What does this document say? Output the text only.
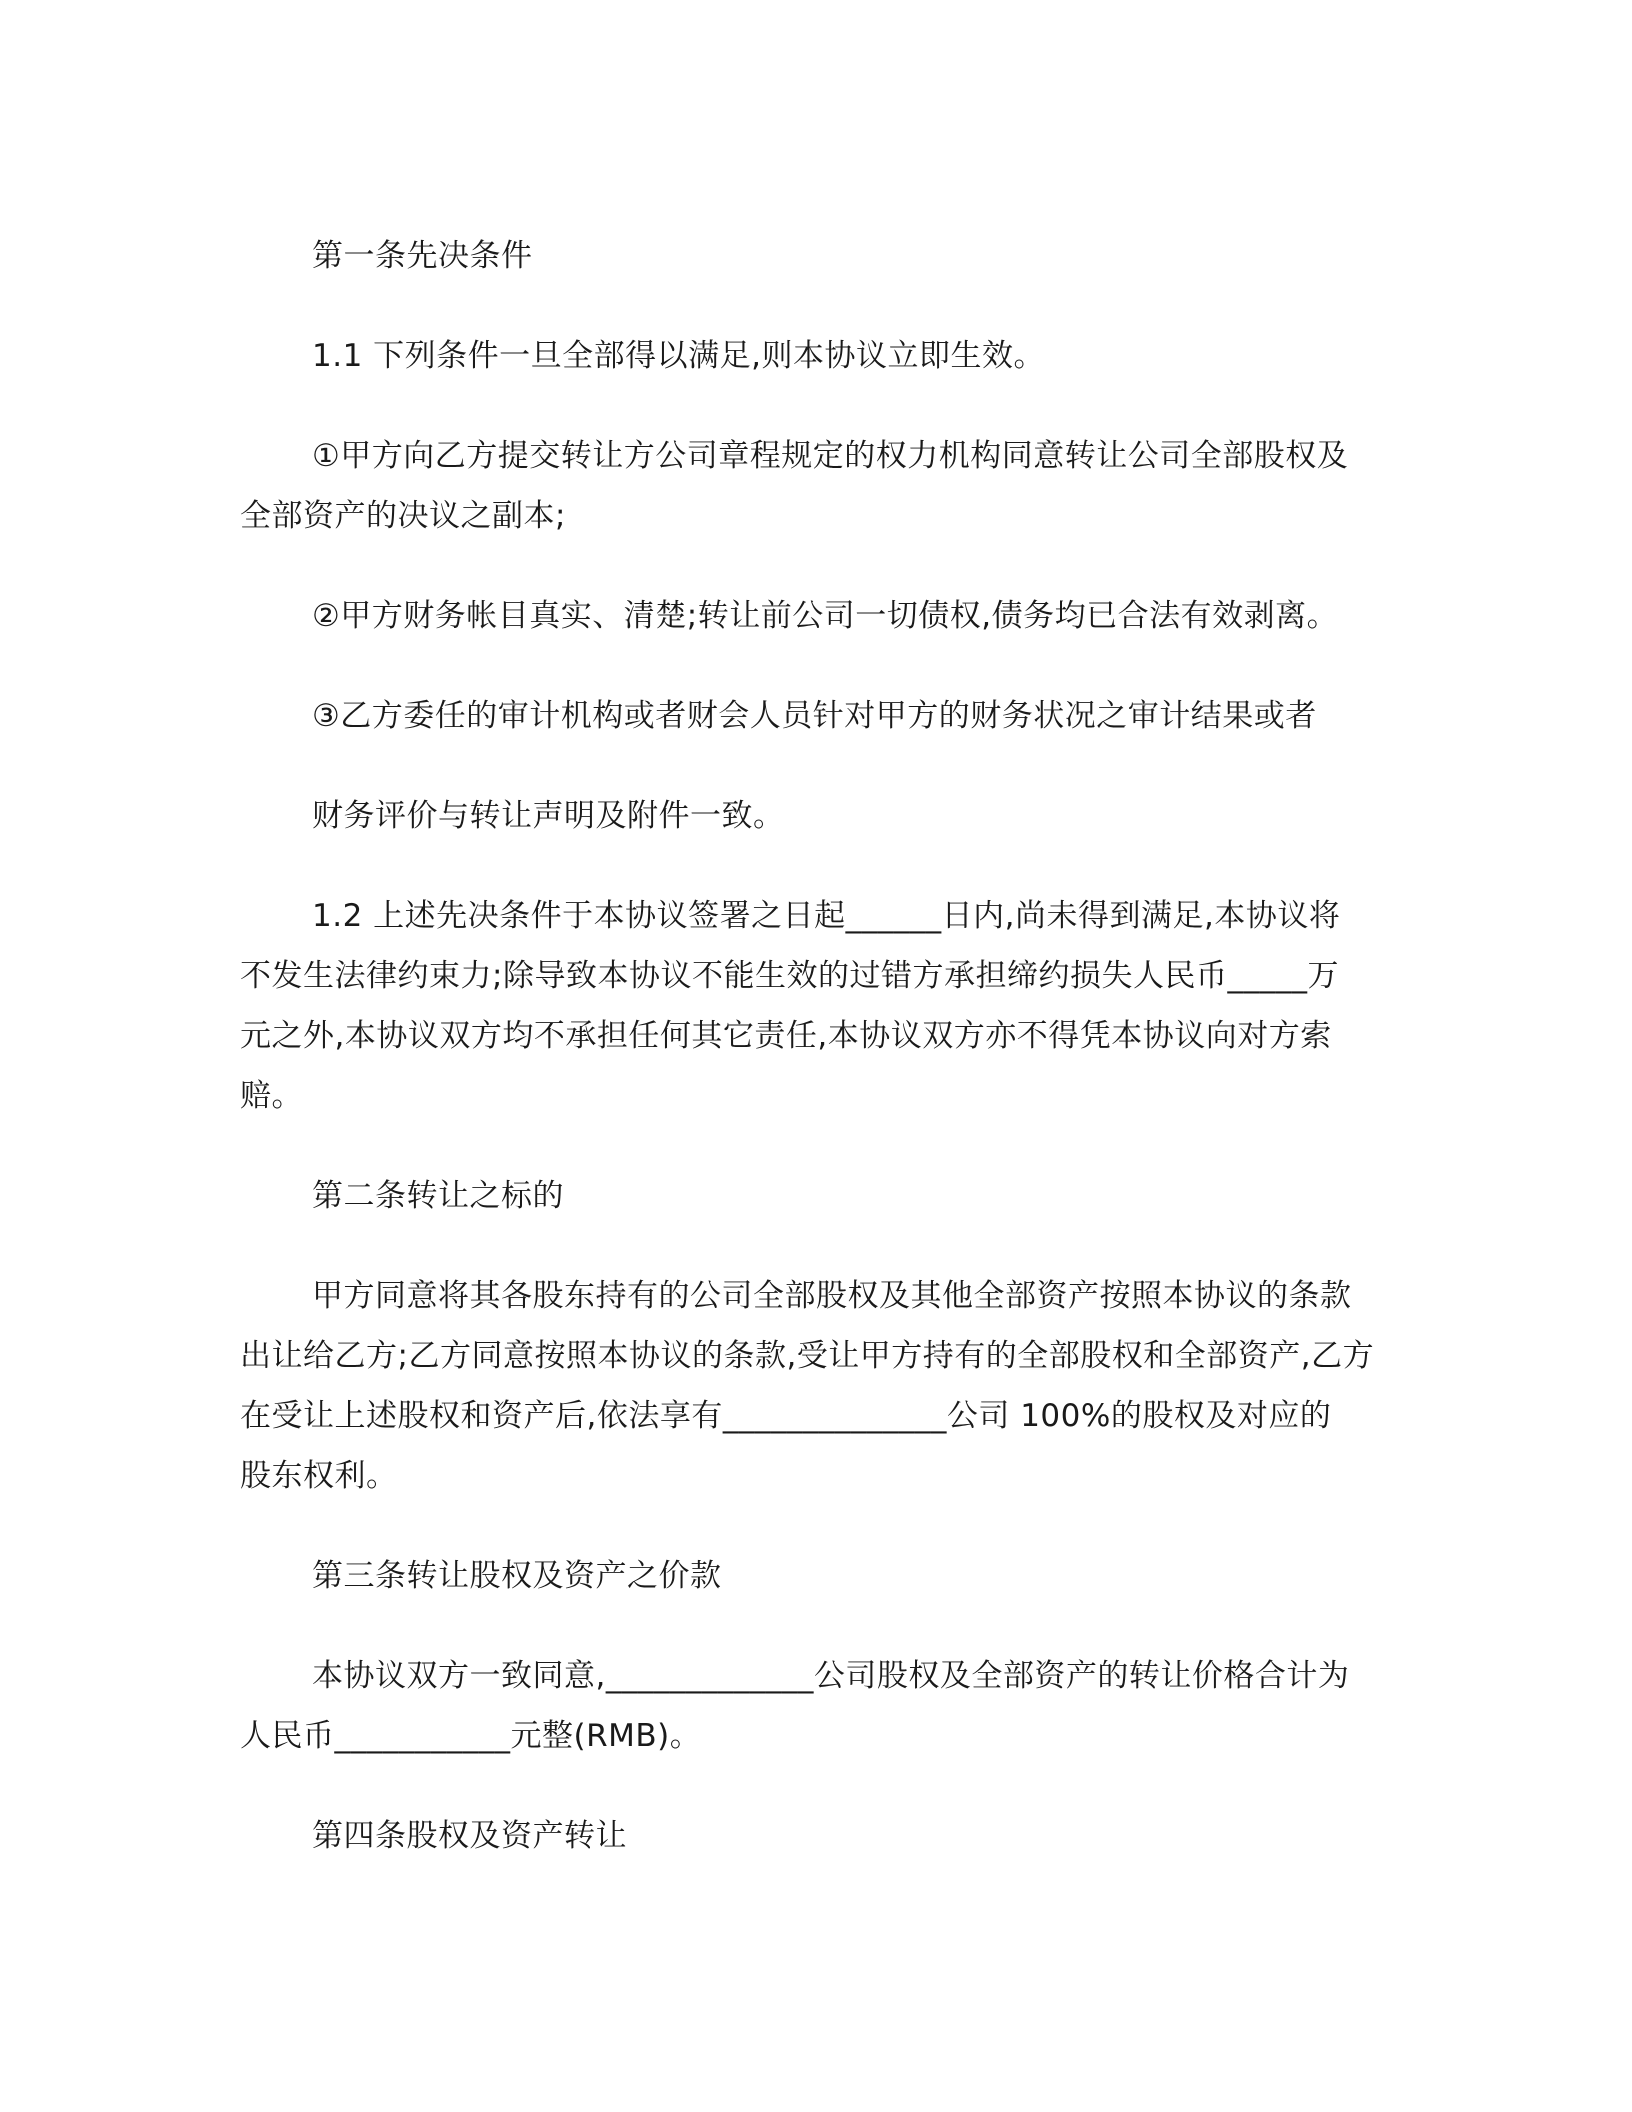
第一条先决条件

1.1 下列条件一旦全部得以满足,则本协议立即生效。

①甲方向乙方提交转让方公司章程规定的权力机构同意转让公司全部股权及
全部资产的决议之副本;

②甲方财务帐目真实、清楚;转让前公司一切债权,债务均已合法有效剥离。

③乙方委任的审计机构或者财会人员针对甲方的财务状况之审计结果或者

财务评价与转让声明及附件一致。

1.2 上述先决条件于本协议签署之日起______日内,尚未得到满足,本协议将
不发生法律约束力;除导致本协议不能生效的过错方承担缔约损失人民币_____万
元之外,本协议双方均不承担任何其它责任,本协议双方亦不得凭本协议向对方索
赔。

第二条转让之标的

甲方同意将其各股东持有的公司全部股权及其他全部资产按照本协议的条款
出让给乙方;乙方同意按照本协议的条款,受让甲方持有的全部股权和全部资产,乙方
在受让上述股权和资产后,依法享有______________公司 100%的股权及对应的
股东权利。

第三条转让股权及资产之价款

本协议双方一致同意,_____________公司股权及全部资产的转让价格合计为
人民币___________元整(RMB)。

第四条股权及资产转让
